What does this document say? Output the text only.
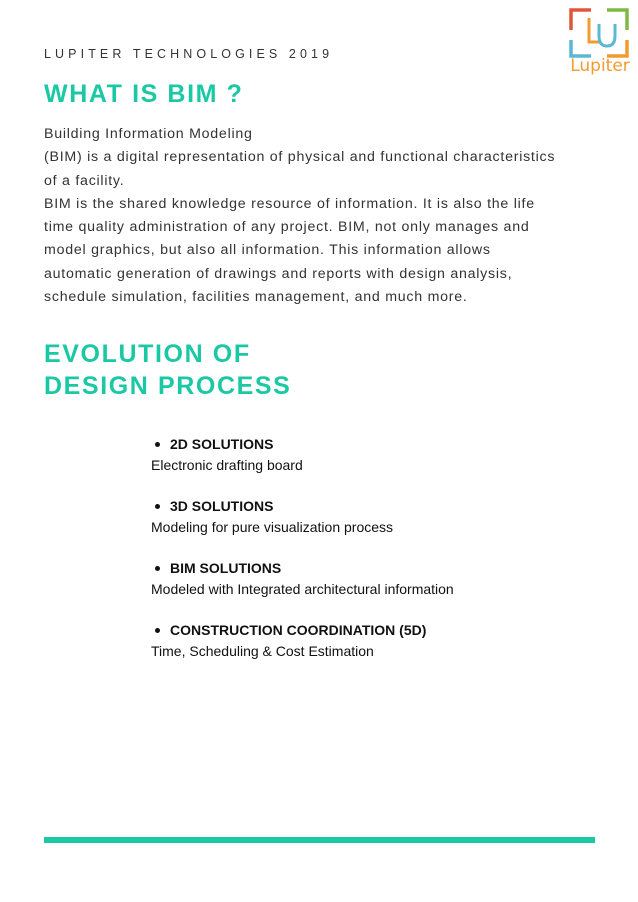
LUPITER TECHNOLOGIES 2019
Lupiter
WHAT IS BIM ?
Building Information Modeling
(BIM) is a digital representation of physical and functional characteristics
of a facility.
BIM is the shared knowledge resource of information. It is also the life
time quality administration of any project. BIM, not only manages and
model graphics, but also all information. This information allows
automatic generation of drawings and reports with design analysis,
schedule simulation, facilities management, and much more.
EVOLUTION OF
DESIGN PROCESS
2D SOLUTIONS
Electronic drafting board
3D SOLUTIONS
Modeling for pure visualization process
BIM SOLUTIONS
Modeled with Integrated architectural information
CONSTRUCTION COORDINATION (5D)
Time, Scheduling & Cost Estimation
